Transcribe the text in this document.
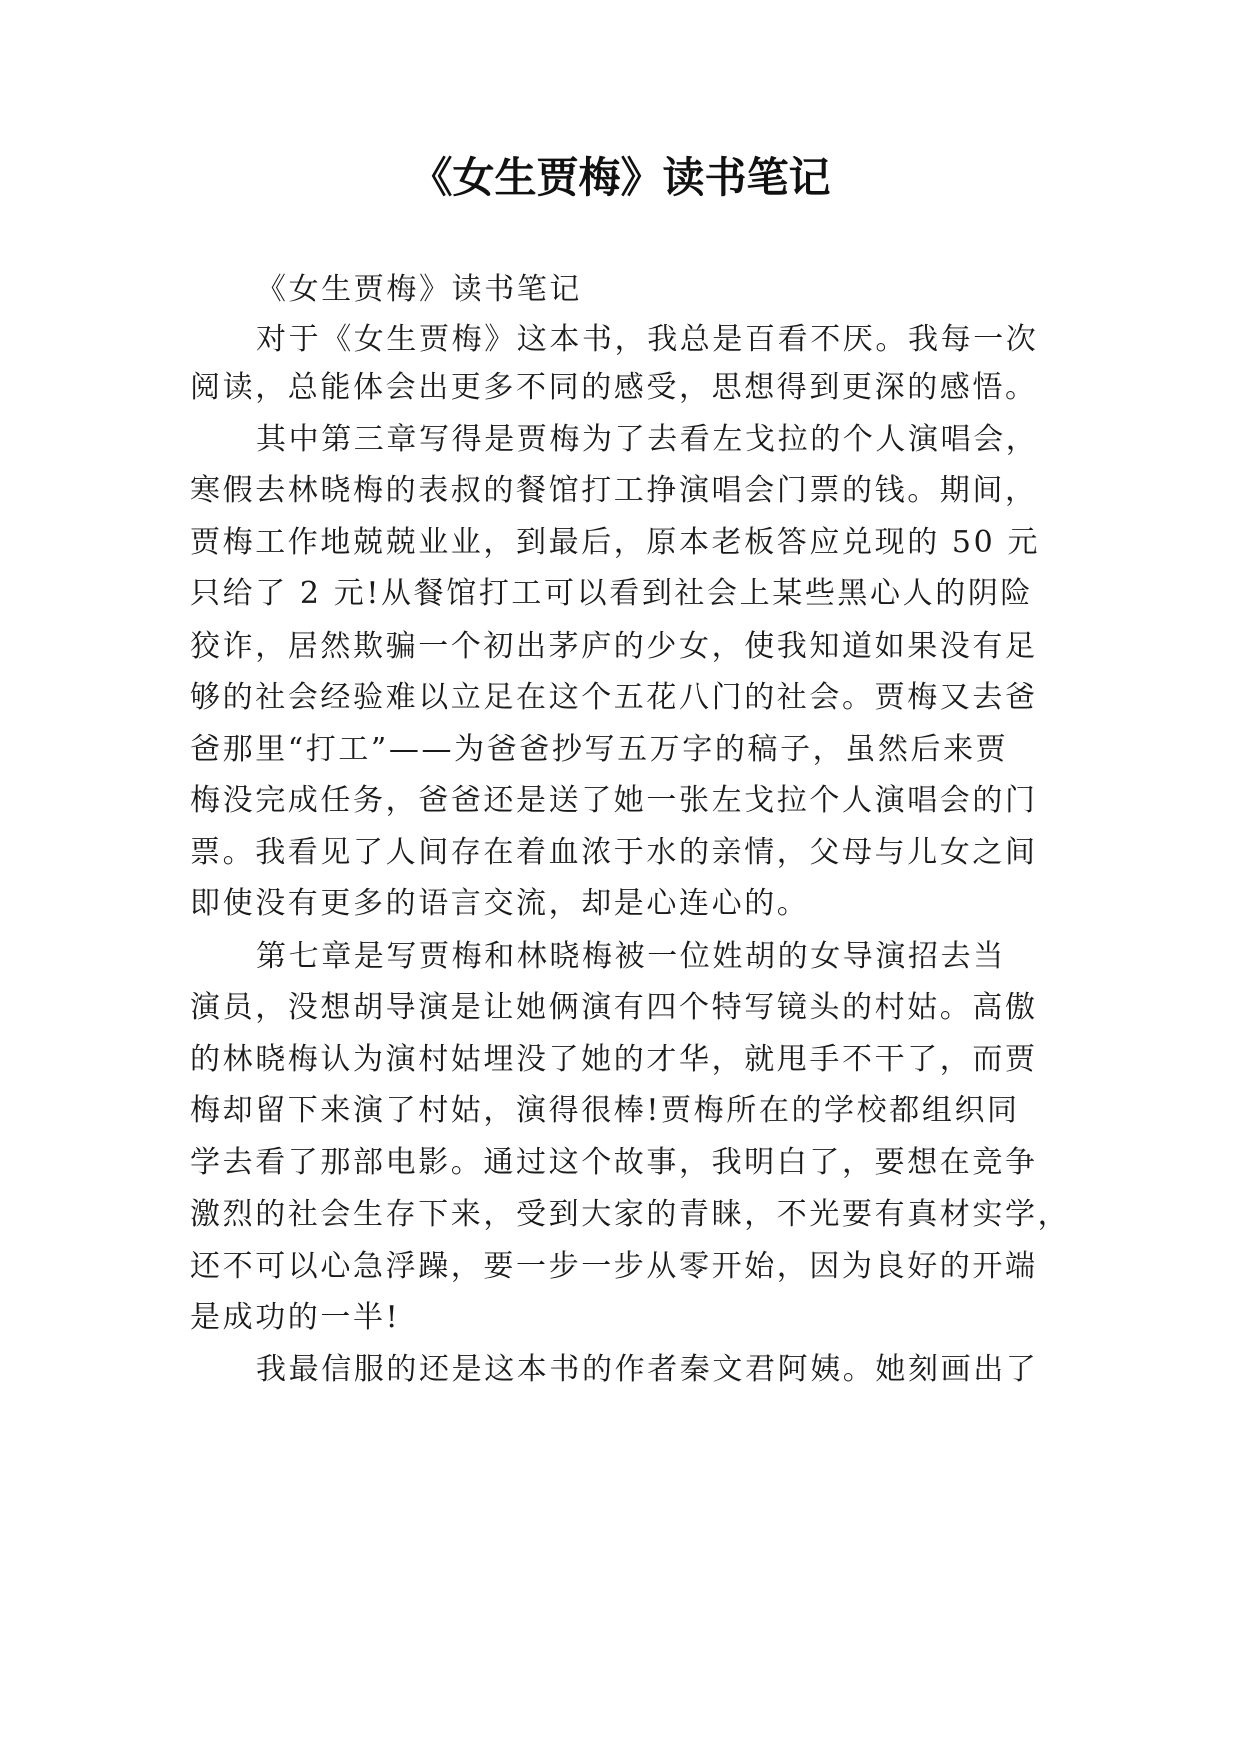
《女生贾梅》读书笔记
《女生贾梅》读书笔记
对于《女生贾梅》这本书，我总是百看不厌。我每一次
阅读，总能体会出更多不同的感受，思想得到更深的感悟。
其中第三章写得是贾梅为了去看左戈拉的个人演唱会，
寒假去林晓梅的表叔的餐馆打工挣演唱会门票的钱。期间，
贾梅工作地兢兢业业，到最后，原本老板答应兑现的 50 元
只给了 2 元!从餐馆打工可以看到社会上某些黑心人的阴险
狡诈，居然欺骗一个初出茅庐的少女，使我知道如果没有足
够的社会经验难以立足在这个五花八门的社会。贾梅又去爸
爸那里“打工”——为爸爸抄写五万字的稿子，虽然后来贾
梅没完成任务，爸爸还是送了她一张左戈拉个人演唱会的门
票。我看见了人间存在着血浓于水的亲情，父母与儿女之间
即使没有更多的语言交流，却是心连心的。
第七章是写贾梅和林晓梅被一位姓胡的女导演招去当
演员，没想胡导演是让她俩演有四个特写镜头的村姑。高傲
的林晓梅认为演村姑埋没了她的才华，就甩手不干了，而贾
梅却留下来演了村姑，演得很棒!贾梅所在的学校都组织同
学去看了那部电影。通过这个故事，我明白了，要想在竞争
激烈的社会生存下来，受到大家的青睐，不光要有真材实学，
还不可以心急浮躁，要一步一步从零开始，因为良好的开端
是成功的一半!
我最信服的还是这本书的作者秦文君阿姨。她刻画出了
